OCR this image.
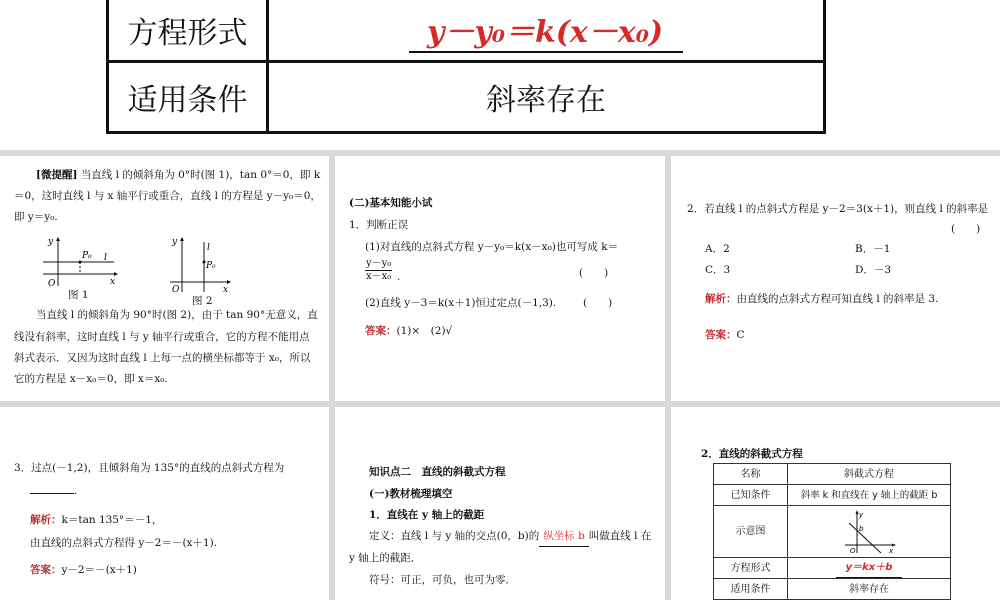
方程形式	y－y₀＝k(x－x₀)
适用条件	斜率存在
[微提醒] 当直线 l 的倾斜角为 0°时(图 1)，tan 0°＝0，即 k
＝0，这时直线 l 与 x 轴平行或重合，直线 l 的方程是 y－y₀＝0，
即 y＝y₀.
y
x
O
P₀ l
图 1
y
x
O
P₀
l
图 2
当直线 l 的倾斜角为 90°时(图 2)，由于 tan 90°无意义，直
线没有斜率，这时直线 l 与 y 轴平行或重合，它的方程不能用点
斜式表示．又因为这时直线 l 上每一点的横坐标都等于 x₀，所以
它的方程是 x－x₀＝0，即 x＝x₀.
(二)基本知能小试
1．判断正误
(1)对直线的点斜式方程 y－y₀＝k(x－x₀)也可写成 k＝
$\frac{\text{y－y₀}}{\text{x－x₀}}$ .	(　　)
(2)直线 y－3＝k(x＋1)恒过定点(－1,3).	(　　)
答案：(1)×　(2)√
2．若直线 l 的点斜式方程是 y－2＝3(x＋1)，则直线 l 的斜率是
(　　)
A．2	B．－1
C．3	D．－3
解析：由直线的点斜式方程可知直线 l 的斜率是 3.
答案：C
3．过点(－1,2)，且倾斜角为 135°的直线的点斜式方程为
.
解析：k＝tan 135°＝－1，
由直线的点斜式方程得 y－2＝－(x＋1).
答案：y－2＝－(x＋1)
知识点二　直线的斜截式方程
(一)教材梳理填空
1．直线在 y 轴上的截距
定义：直线 l 与 y 轴的交点(0，b)的 纵坐标 b 叫做直线 l 在
y 轴上的截距．
符号：可正，可负，也可为零．
2．直线的斜截式方程
名称	斜截式方程
已知条件	斜率 k 和直线在 y 轴上的截距 b
示意图	y
x
O
b

方程形式	y＝kx＋b
适用条件	斜率存在
